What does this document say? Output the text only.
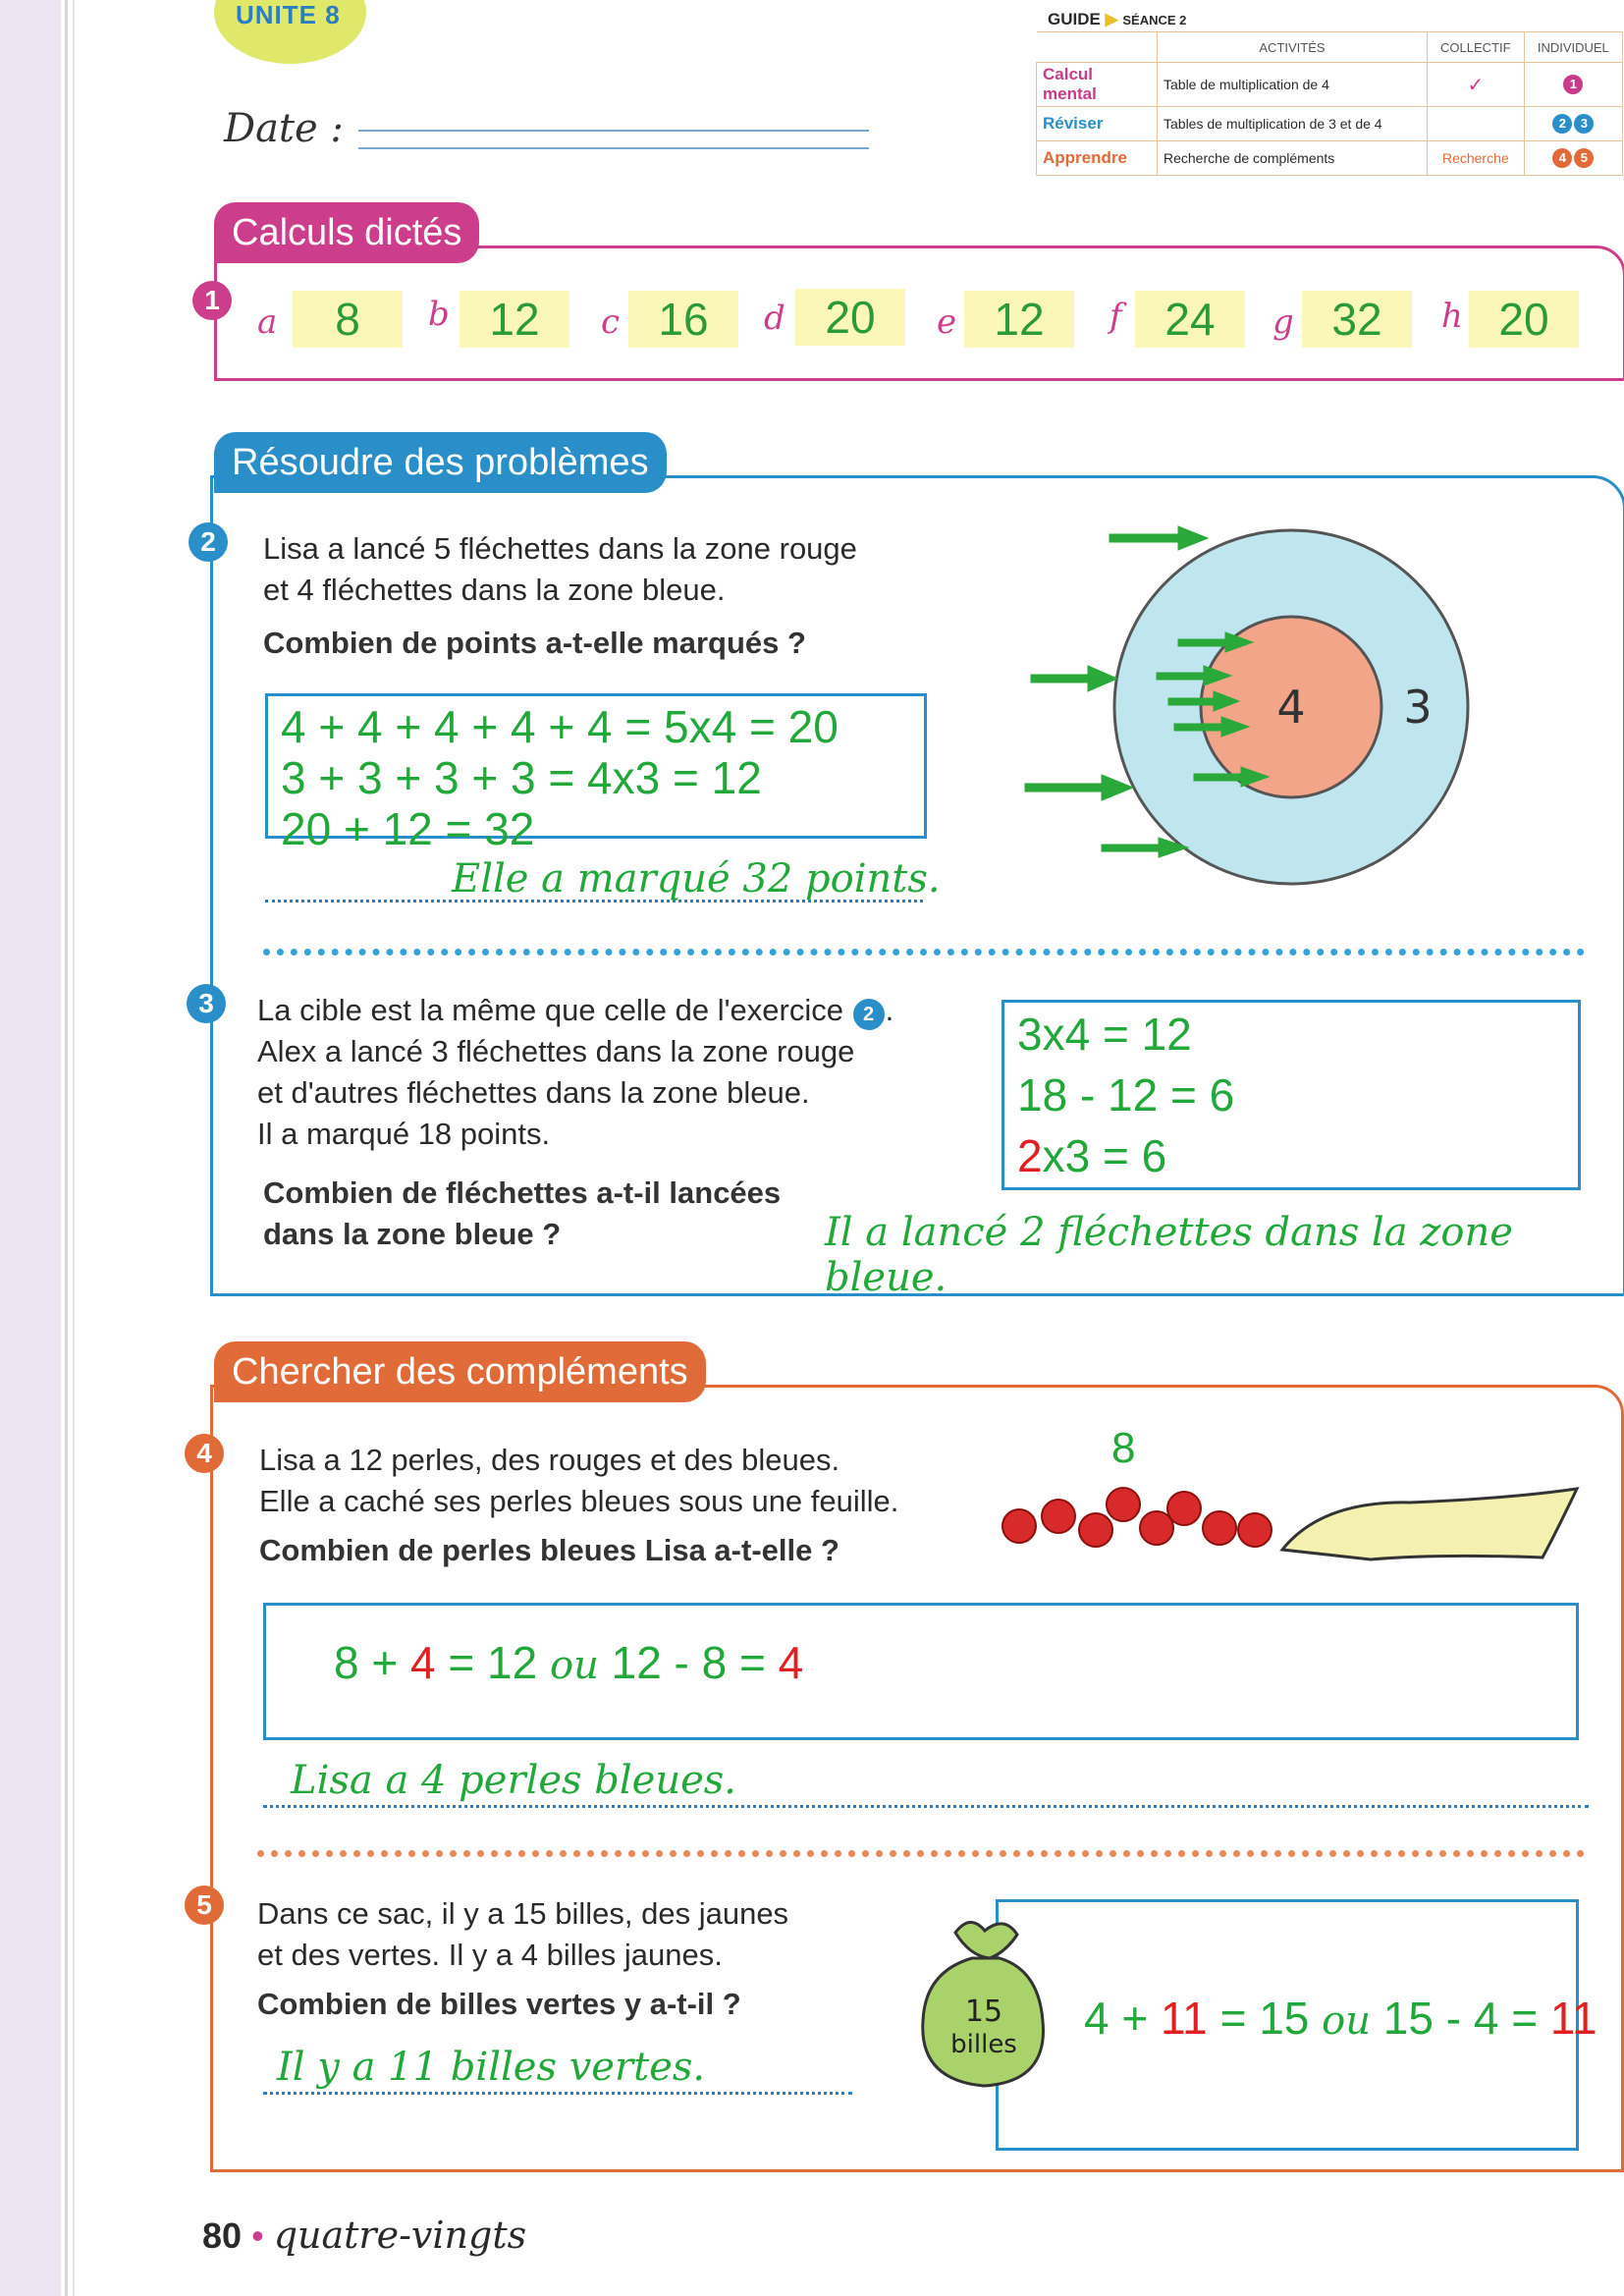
UNITE 8
Date :
GUIDE ▶ SÉANCE 2
	ACTIVITÉS	COLLECTIF	INDIVIDUEL
Calcul mental	Table de multiplication de 4	✓	1
Réviser	Tables de multiplication de 3 et de 4		2 3
Apprendre	Recherche de compléments	Recherche	4 5
Calculs dictés
1
a	8	b 12	c 16	d 20	e 12	f 24	g 32	h 20
Résoudre des problèmes
2	Lisa a lancé 5 fléchettes dans la zone rouge
et 4 fléchettes dans la zone bleue.
Combien de points a-t-elle marqués ?
4 + 4 + 4 + 4 + 4 = 5x4 = 20
3 + 3 + 3 + 3 = 4x3 = 12
20 + 12 = 32
Elle a marqué 32 points.
4 3
3	La cible est la même que celle de l'exercice 2 .
Alex a lancé 3 fléchettes dans la zone rouge
et d'autres fléchettes dans la zone bleue.
Il a marqué 18 points.
Combien de fléchettes a-t-il lancées
dans la zone bleue ?
3x4 = 12
18 - 12 = 6
2x3 = 6
Il a lancé 2 fléchettes dans la zone bleue.
Chercher des compléments
4	Lisa a 12 perles, des rouges et des bleues.
Elle a caché ses perles bleues sous une feuille.
Combien de perles bleues Lisa a-t-elle ?
8
8 + 4 = 12 ou 12 - 8 = 4
Lisa a 4 perles bleues.
5	Dans ce sac, il y a 15 billes, des jaunes
et des vertes. Il y a 4 billes jaunes.
Combien de billes vertes y a-t-il ?
Il y a 11 billes vertes.
15
billes
4 + 11 = 15 ou 15 - 4 = 11
80 • quatre-vingts
